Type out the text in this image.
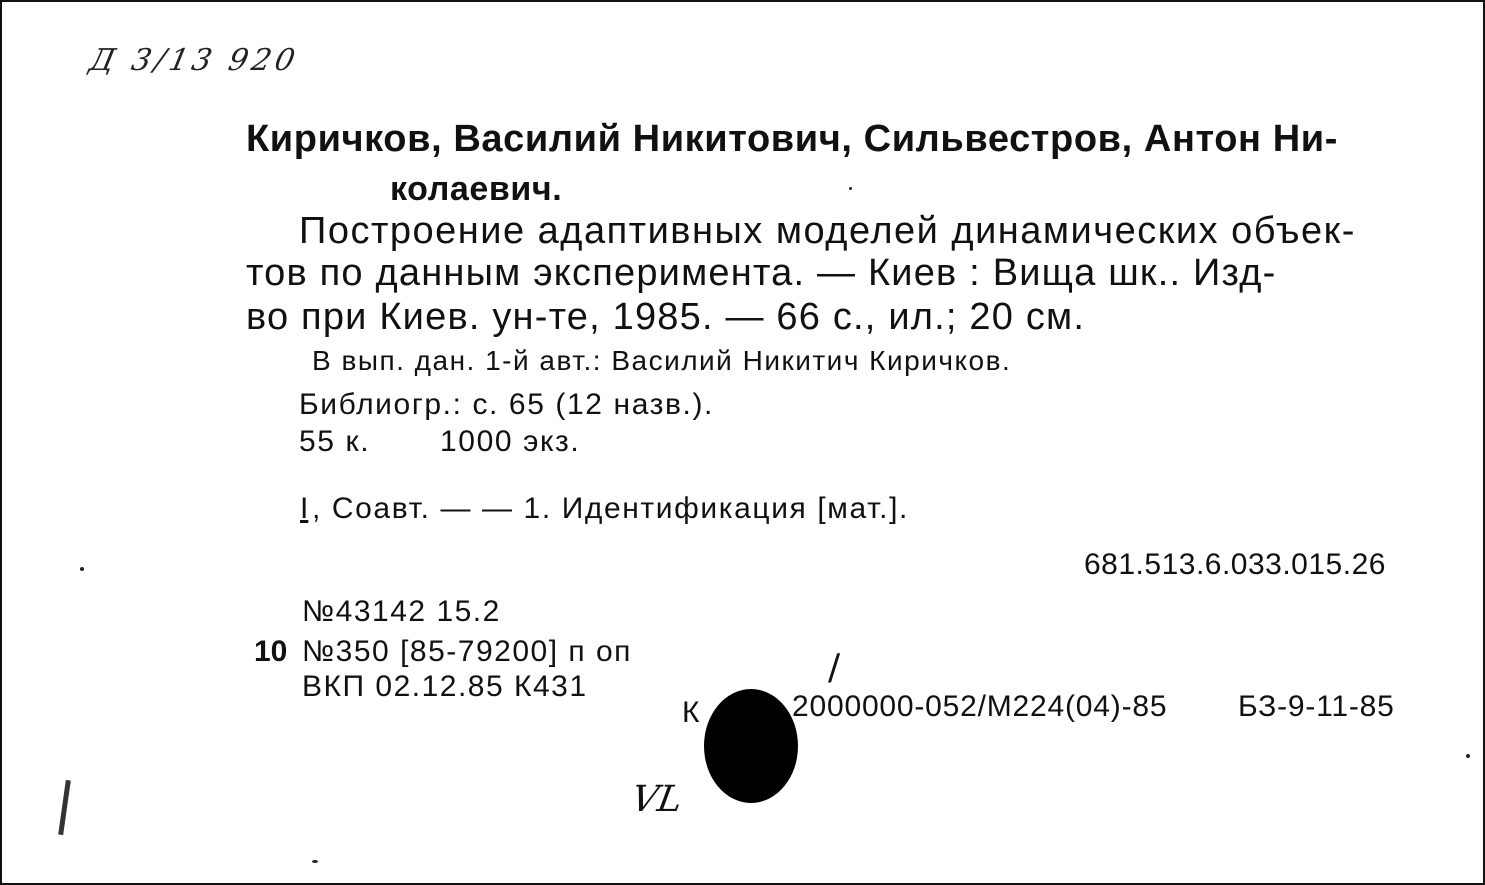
Д 3/13 920
Киричков, Василий Никитович, Сильвестров, Антон Ни-
колаевич.
Построение адаптивных моделей динамических объек-
тов по данным эксперимента. — Киев : Вища шк.. Изд-
во при Киев. ун-те, 1985. — 66 с., ил.; 20 см.
В вып. дан. 1-й авт.: Василий Никитич Киричков.
Библиогр.: с. 65 (12 назв.).
55 к. 1000 экз.
I , Соавт. — — 1. Идентификация [мат.].
681.513.6.033.015.26
№43142 15.2
10 №350 [85-79200] п оп
ВКП 02.12.85 К431	/
К	2000000-052/М224(04)-85 БЗ-9-11-85
VL
